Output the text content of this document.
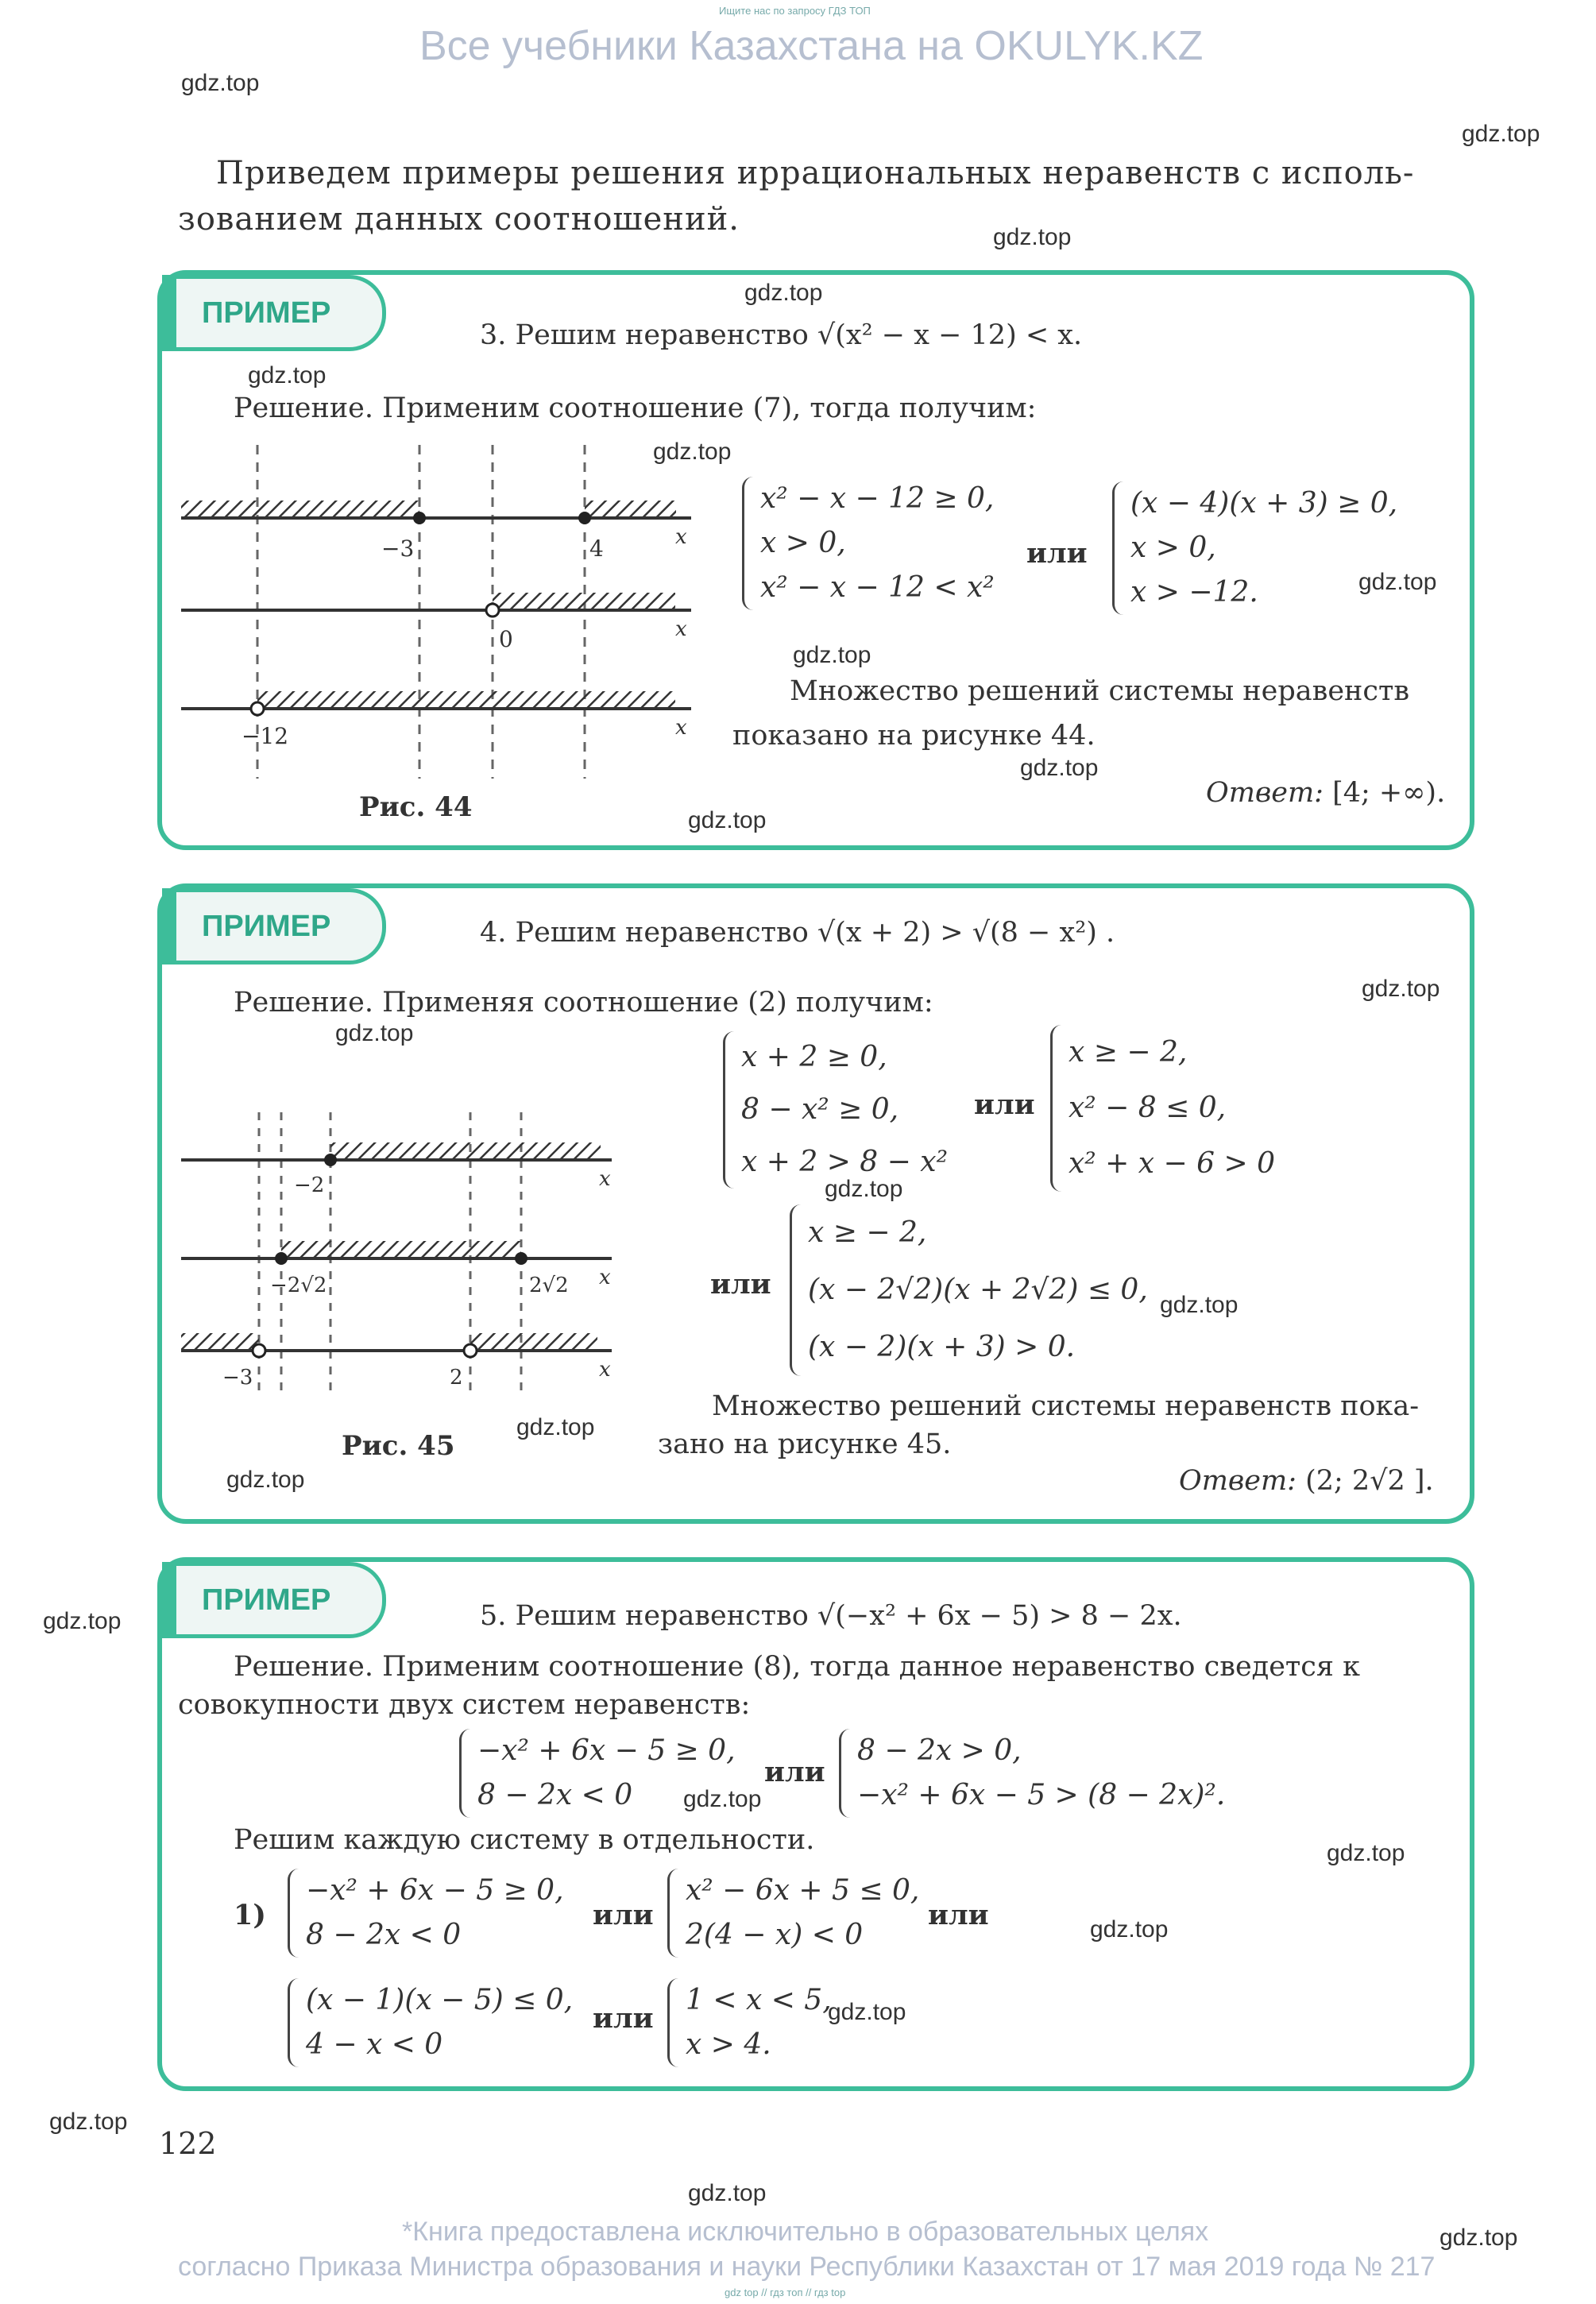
Ищите нас по запросу ГДЗ ТОП
Все учебники Казахстана на OKULYK.KZ
gdz.top
gdz.top
gdz.top
gdz.top
gdz.top
gdz.top
gdz.top
gdz.top
gdz.top
gdz.top
gdz.top
gdz.top
gdz.top
gdz.top
gdz.top
gdz.top
gdz.top
gdz.top
gdz.top
gdz.top
gdz.top
gdz.top
gdz.top
gdz.top
Приведем примеры решения иррациональных неравенств с исполь-
зованием данных соотношений.
ПРИМЕР
3. Решим неравенство √(x² − x − 12) < x.
Решение. Применим соотношение (7), тогда получим:
−3	4
0
−12
x
x
x
Рис. 44
x² − x − 12 ≥ 0,
x > 0,
x² − x − 12 < x²
или
(x − 4)(x + 3) ≥ 0,
x > 0,
x > −12.
Множество решений системы неравенств
показано на рисунке 44.
Ответ: [4; +∞).
ПРИМЕР	4. Решим неравенство √(x + 2) > √(8 − x²) .
Решение. Применяя соотношение (2) получим:
−2
−2√2	2√2
−3	2
x
x
x
Рис. 45
x + 2 ≥ 0,
8 − x² ≥ 0,
x + 2 > 8 − x²
или
x ≥ − 2,
x² − 8 ≤ 0,
x² + x − 6 > 0
или
x ≥ − 2,
(x − 2√2)(x + 2√2) ≤ 0,
(x − 2)(x + 3) > 0.
Множество решений системы неравенств пока-
зано на рисунке 45.
Ответ: (2; 2√2 ].
ПРИМЕР	5. Решим неравенство √(−x² + 6x − 5) > 8 − 2x.
Решение. Применим соотношение (8), тогда данное неравенство сведется к
совокупности двух систем неравенств:
−x² + 6x − 5 ≥ 0,
8 − 2x < 0
или
8 − 2x > 0,
−x² + 6x − 5 > (8 − 2x)².
Решим каждую систему в отдельности.
1)
−x² + 6x − 5 ≥ 0,
8 − 2x < 0
или
x² − 6x + 5 ≤ 0,
2(4 − x) < 0
или
(x − 1)(x − 5) ≤ 0,
4 − x < 0
или
1 < x < 5,
x > 4.
122
*Книга предоставлена исключительно в образовательных целях
согласно Приказа Министра образования и науки Республики Казахстан от 17 мая 2019 года № 217
gdz top // гдз топ // гдз top
